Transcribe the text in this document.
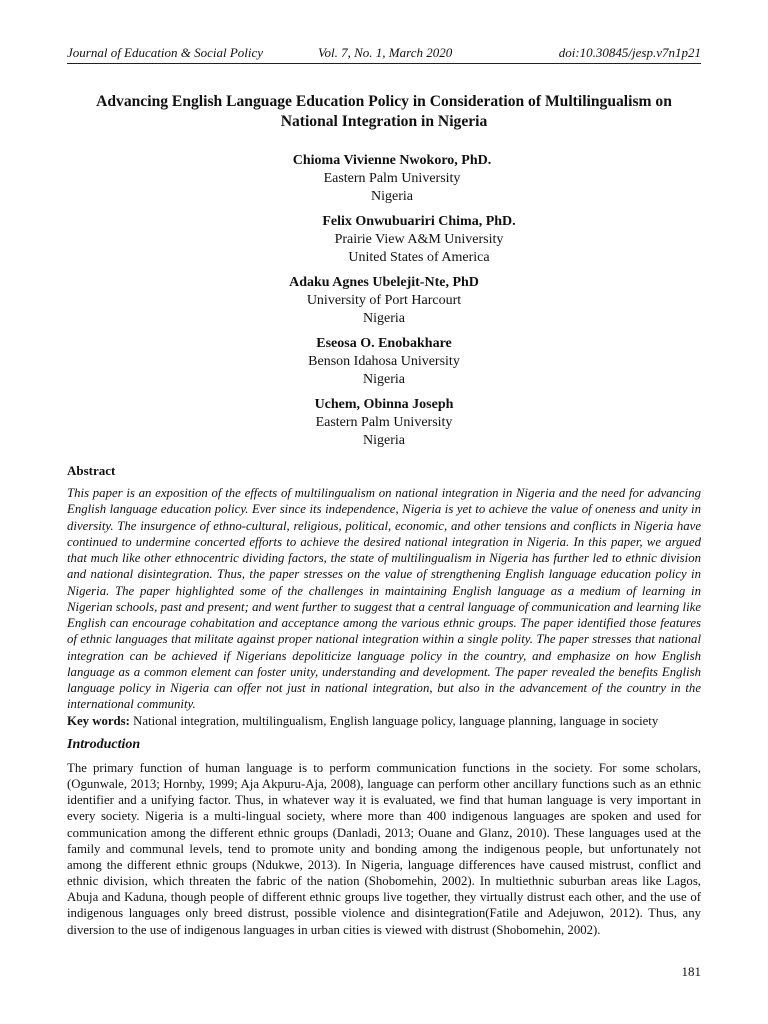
Journal of Education & Social Policy	Vol. 7, No. 1, March 2020	doi:10.30845/jesp.v7n1p21
Advancing English Language Education Policy in Consideration of Multilingualism on National Integration in Nigeria
Chioma Vivienne Nwokoro, PhD.
Eastern Palm University
Nigeria
Felix Onwubuariri Chima, PhD.
Prairie View A&M University
United States of America
Adaku Agnes Ubelejit-Nte, PhD
University of Port Harcourt
Nigeria
Eseosa O. Enobakhare
Benson Idahosa University
Nigeria
Uchem, Obinna Joseph
Eastern Palm University
Nigeria
Abstract
This paper is an exposition of the effects of multilingualism on national integration in Nigeria and the need for advancing English language education policy. Ever since its independence, Nigeria is yet to achieve the value of oneness and unity in diversity. The insurgence of ethno-cultural, religious, political, economic, and other tensions and conflicts in Nigeria have continued to undermine concerted efforts to achieve the desired national integration in Nigeria. In this paper, we argued that much like other ethnocentric dividing factors, the state of multilingualism in Nigeria has further led to ethnic division and national disintegration. Thus, the paper stresses on the value of strengthening English language education policy in Nigeria. The paper highlighted some of the challenges in maintaining English language as a medium of learning in Nigerian schools, past and present; and went further to suggest that a central language of communication and learning like English can encourage cohabitation and acceptance among the various ethnic groups. The paper identified those features of ethnic languages that militate against proper national integration within a single polity. The paper stresses that national integration can be achieved if Nigerians depoliticize language policy in the country, and emphasize on how English language as a common element can foster unity, understanding and development. The paper revealed the benefits English language policy in Nigeria can offer not just in national integration, but also in the advancement of the country in the international community.
Key words: National integration, multilingualism, English language policy, language planning, language in society
Introduction
The primary function of human language is to perform communication functions in the society. For some scholars, (Ogunwale, 2013; Hornby, 1999; Aja Akpuru-Aja, 2008), language can perform other ancillary functions such as an ethnic identifier and a unifying factor. Thus, in whatever way it is evaluated, we find that human language is very important in every society. Nigeria is a multi-lingual society, where more than 400 indigenous languages are spoken and used for communication among the different ethnic groups (Danladi, 2013; Ouane and Glanz, 2010). These languages used at the family and communal levels, tend to promote unity and bonding among the indigenous people, but unfortunately not among the different ethnic groups (Ndukwe, 2013). In Nigeria, language differences have caused mistrust, conflict and ethnic division, which threaten the fabric of the nation (Shobomehin, 2002). In multiethnic suburban areas like Lagos, Abuja and Kaduna, though people of different ethnic groups live together, they virtually distrust each other, and the use of indigenous languages only breed distrust, possible violence and disintegration(Fatile and Adejuwon, 2012). Thus, any diversion to the use of indigenous languages in urban cities is viewed with distrust (Shobomehin, 2002).
181
